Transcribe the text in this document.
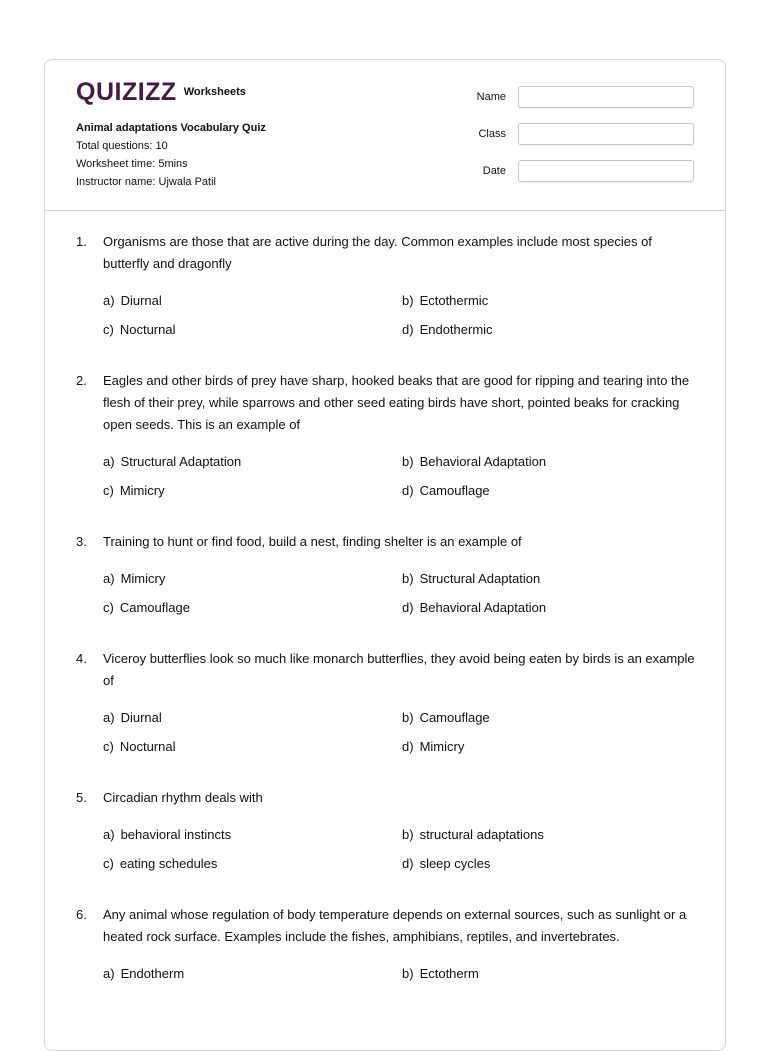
QUIZIZZ Worksheets
Animal adaptations Vocabulary Quiz
Total questions: 10
Worksheet time: 5mins
Instructor name: Ujwala Patil
Name
Class
Date
1. Organisms are those that are active during the day. Common examples include most species of butterfly and dragonfly
a) Diurnal	b) Ectothermic
c) Nocturnal	d) Endothermic
2. Eagles and other birds of prey have sharp, hooked beaks that are good for ripping and tearing into the flesh of their prey, while sparrows and other seed eating birds have short, pointed beaks for cracking open seeds. This is an example of
a) Structural Adaptation	b) Behavioral Adaptation
c) Mimicry	d) Camouflage
3. Training to hunt or find food, build a nest, finding shelter is an example of
a) Mimicry	b) Structural Adaptation
c) Camouflage	d) Behavioral Adaptation
4. Viceroy butterflies look so much like monarch butterflies, they avoid being eaten by birds is an example of
a) Diurnal	b) Camouflage
c) Nocturnal	d) Mimicry
5. Circadian rhythm deals with
a) behavioral instincts	b) structural adaptations
c) eating schedules	d) sleep cycles
6. Any animal whose regulation of body temperature depends on external sources, such as sunlight or a heated rock surface. Examples include the fishes, amphibians, reptiles, and invertebrates.
a) Endotherm	b) Ectotherm
